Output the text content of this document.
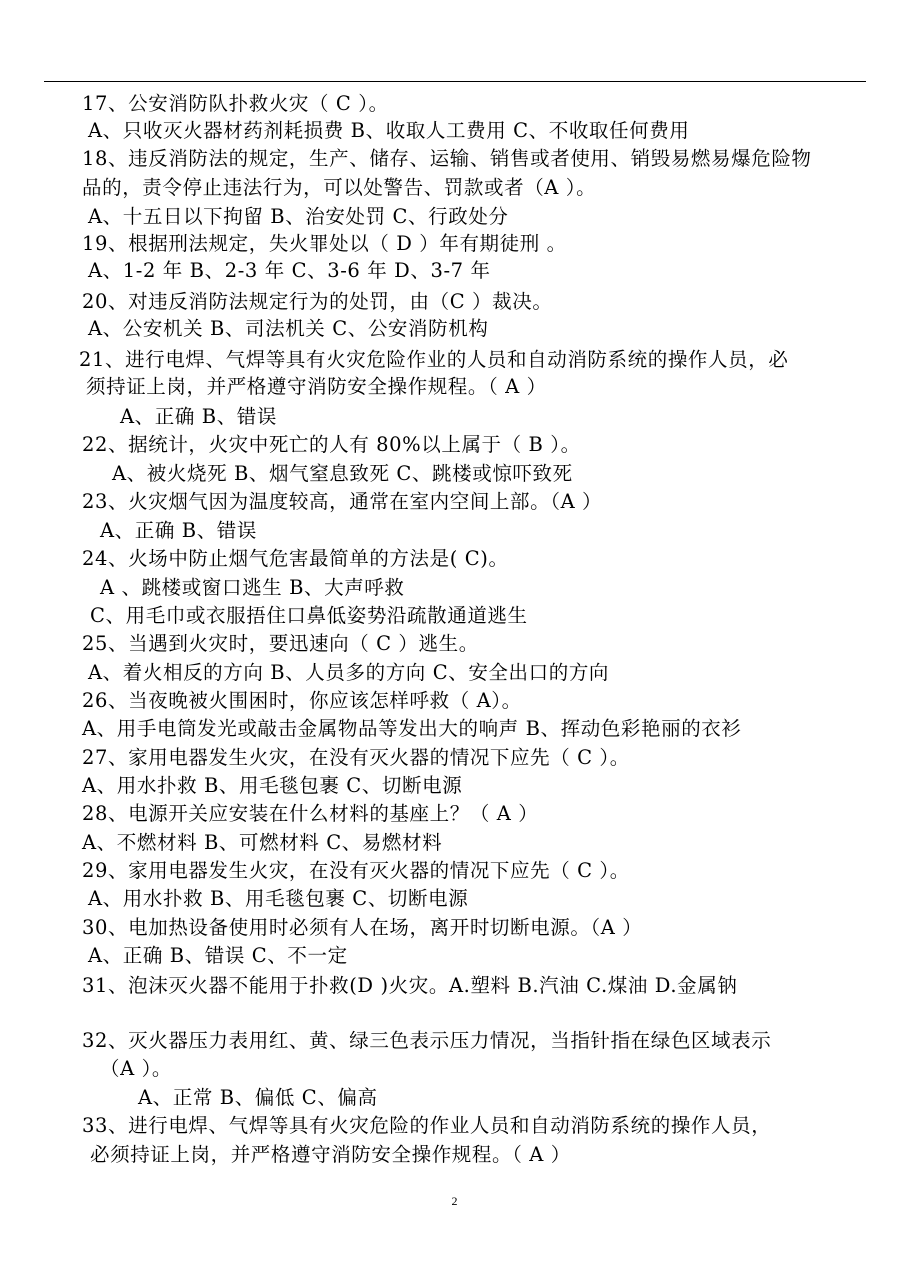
17、公安消防队扑救火灾（ C ）。
A、只收灭火器材药剂耗损费 B、收取人工费用 C、不收取任何费用
18、违反消防法的规定，生产、储存、运输、销售或者使用、销毁易燃易爆危险物
品的，责令停止违法行为，可以处警告、罚款或者（A ）。
A、十五日以下拘留 B、治安处罚 C、行政处分
19、根据刑法规定，失火罪处以（ D ）年有期徒刑 。
A、1-2 年 B、2-3 年 C、3-6 年 D、3-7 年
20、对违反消防法规定行为的处罚，由（C ）裁决。
A、公安机关 B、司法机关 C、公安消防机构
21、进行电焊、气焊等具有火灾危险作业的人员和自动消防系统的操作人员，必
须持证上岗，并严格遵守消防安全操作规程。（ A ）
A、正确 B、错误
22、据统计，火灾中死亡的人有 80%以上属于（ B ）。
A、被火烧死 B、烟气窒息致死 C、跳楼或惊吓致死
23、火灾烟气因为温度较高，通常在室内空间上部。（A ）
A、正确 B、错误
24、火场中防止烟气危害最简单的方法是( C)。
A 、跳楼或窗口逃生 B、大声呼救
C、用毛巾或衣服捂住口鼻低姿势沿疏散通道逃生
25、当遇到火灾时，要迅速向（ C ）逃生。
A、着火相反的方向 B、人员多的方向 C、安全出口的方向
26、当夜晚被火围困时，你应该怎样呼救（ A）。
A、用手电筒发光或敲击金属物品等发出大的响声 B、挥动色彩艳丽的衣衫
27、家用电器发生火灾，在没有灭火器的情况下应先（ C ）。
A、用水扑救 B、用毛毯包裹 C、切断电源
28、电源开关应安装在什么材料的基座上？（ A ）
A、不燃材料 B、可燃材料 C、易燃材料
29、家用电器发生火灾，在没有灭火器的情况下应先（ C ）。
A、用水扑救 B、用毛毯包裹 C、切断电源
30、电加热设备使用时必须有人在场，离开时切断电源。（A ）
A、正确 B、错误 C、不一定
31、泡沫灭火器不能用于扑救(D )火灾。A.塑料 B.汽油 C.煤油 D.金属钠
32、灭火器压力表用红、黄、绿三色表示压力情况，当指针指在绿色区域表示
（A ）。
A、正常 B、偏低 C、偏高
33、进行电焊、气焊等具有火灾危险的作业人员和自动消防系统的操作人员，
必须持证上岗，并严格遵守消防安全操作规程。（ A ）
2
